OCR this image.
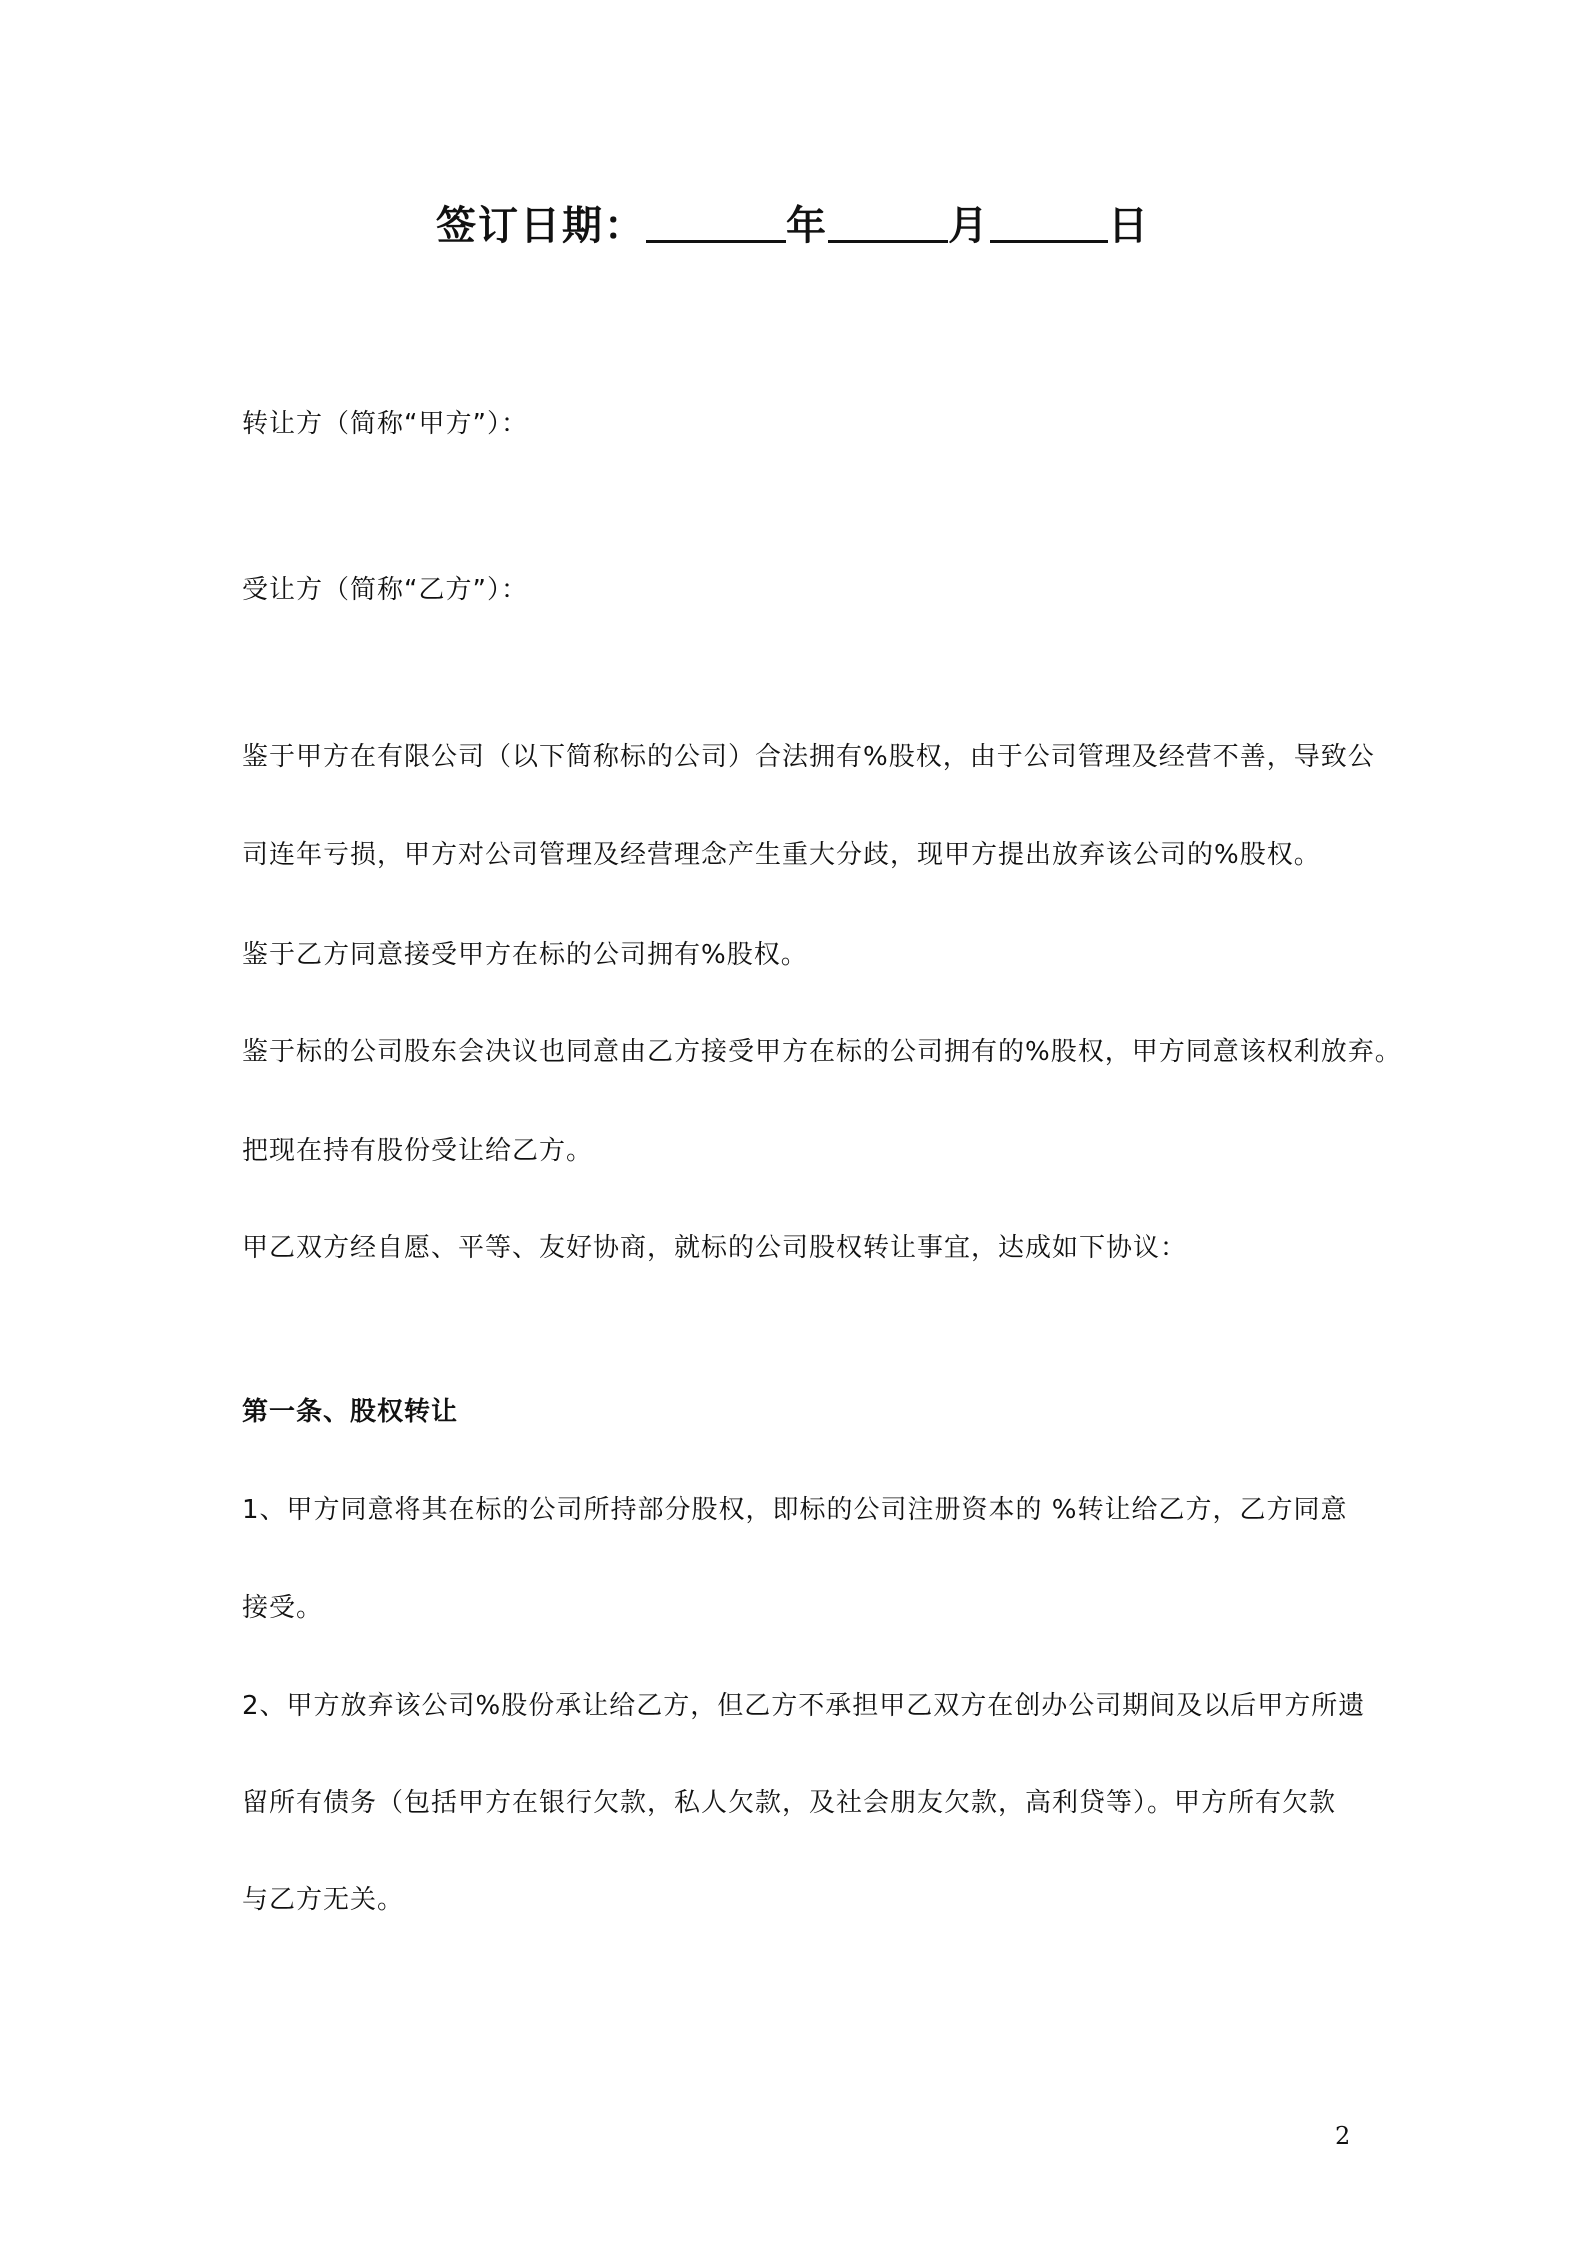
签订日期：	年	月	日
转让方（简称“甲方”）：
受让方（简称“乙方”）：
鉴于甲方在有限公司（以下简称标的公司）合法拥有%股权，由于公司管理及经营不善，导致公
司连年亏损，甲方对公司管理及经营理念产生重大分歧，现甲方提出放弃该公司的%股权。
鉴于乙方同意接受甲方在标的公司拥有%股权。
鉴于标的公司股东会决议也同意由乙方接受甲方在标的公司拥有的%股权，甲方同意该权利放弃。
把现在持有股份受让给乙方。
甲乙双方经自愿、平等、友好协商，就标的公司股权转让事宜，达成如下协议：
第一条、股权转让
1、甲方同意将其在标的公司所持部分股权，即标的公司注册资本的 %转让给乙方，乙方同意
接受。
2、甲方放弃该公司%股份承让给乙方，但乙方不承担甲乙双方在创办公司期间及以后甲方所遗
留所有债务（包括甲方在银行欠款，私人欠款，及社会朋友欠款，高利贷等）。甲方所有欠款
与乙方无关。
2
